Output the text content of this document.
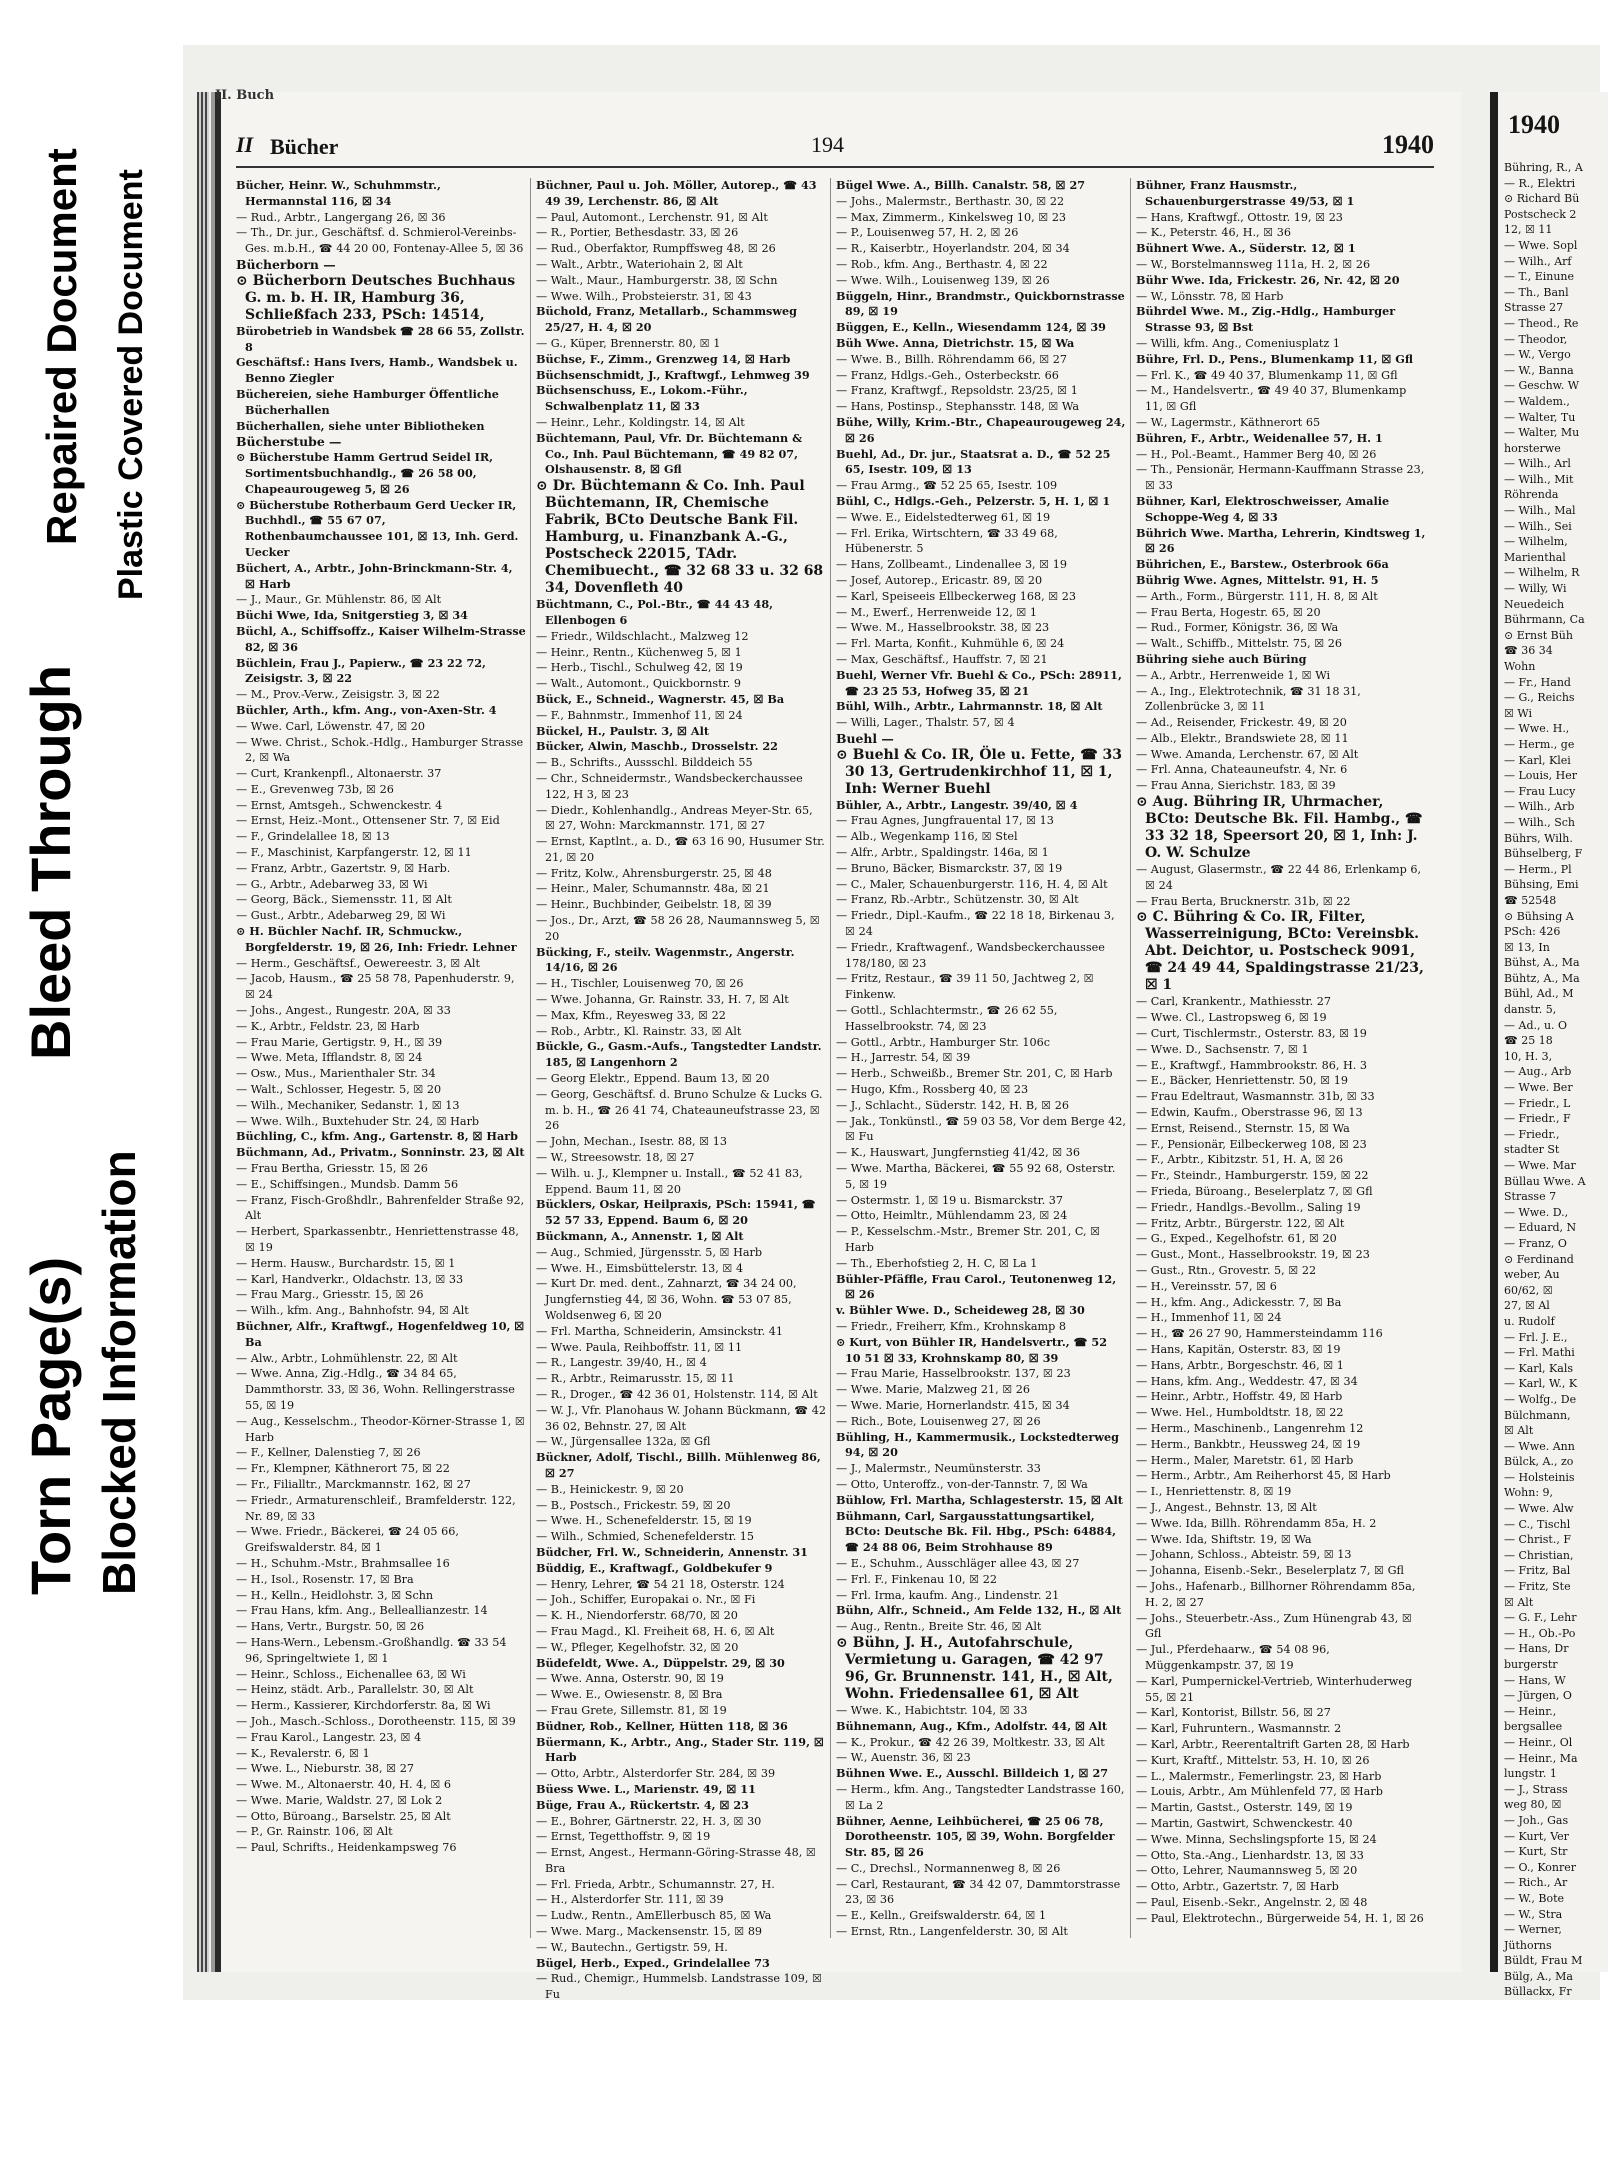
Torn Page(s)
Bleed Through
Repaired Document
Blocked Information
Plastic Covered Document
II. Buch
II Bücher	194	1940
Bücher, Heinr. W., Schuhmmstr., Hermannstal 116, ☒ 34
— Rud., Arbtr., Langergang 26, ☒ 36
— Th., Dr. jur., Geschäftsf. d. Schmierol-Vereinbs-Ges. m.b.H., ☎ 44 20 00, Fontenay-Allee 5, ☒ 36
Bücherborn —
⊙ Bücherborn Deutsches Buchhaus G. m. b. H. IR, Hamburg 36, Schließfach 233, PSch: 14514,
Bürobetrieb in Wandsbek ☎ 28 66 55, Zollstr. 8
Geschäftsf.: Hans Ivers, Hamb., Wandsbek u. Benno Ziegler
Büchereien, siehe Hamburger Öffentliche Bücherhallen
Bücherhallen, siehe unter Bibliotheken
Bücherstube —
⊙ Bücherstube Hamm Gertrud Seidel IR, Sortimentsbuchhandlg., ☎ 26 58 00, Chapeaurougeweg 5, ☒ 26
⊙ Bücherstube Rotherbaum Gerd Uecker IR, Buchhdl., ☎ 55 67 07, Rothenbaumchaussee 101, ☒ 13, Inh. Gerd. Uecker
Büchert, A., Arbtr., John-Brinckmann-Str. 4, ☒ Harb
— J., Maur., Gr. Mühlenstr. 86, ☒ Alt
Büchi Wwe, Ida, Snitgerstieg 3, ☒ 34
Büchl, A., Schiffsoffz., Kaiser Wilhelm-Strasse 82, ☒ 36
Büchlein, Frau J., Papierw., ☎ 23 22 72, Zeisigstr. 3, ☒ 22
— M., Prov.-Verw., Zeisigstr. 3, ☒ 22
Büchler, Arth., kfm. Ang., von-Axen-Str. 4
— Wwe. Carl, Löwenstr. 47, ☒ 20
— Wwe. Christ., Schok.-Hdlg., Hamburger Strasse 2, ☒ Wa
— Curt, Krankenpfl., Altonaerstr. 37
— E., Grevenweg 73b, ☒ 26
— Ernst, Amtsgeh., Schwenckestr. 4
— Ernst, Heiz.-Mont., Ottensener Str. 7, ☒ Eid
— F., Grindelallee 18, ☒ 13
— F., Maschinist, Karpfangerstr. 12, ☒ 11
— Franz, Arbtr., Gazertstr. 9, ☒ Harb.
— G., Arbtr., Adebarweg 33, ☒ Wi
— Georg, Bäck., Siemensstr. 11, ☒ Alt
— Gust., Arbtr., Adebarweg 29, ☒ Wi
⊙ H. Büchler Nachf. IR, Schmuckw., Borgfelderstr. 19, ☒ 26, Inh: Friedr. Lehner
— Herm., Geschäftsf., Oewereestr. 3, ☒ Alt
— Jacob, Hausm., ☎ 25 58 78, Papenhuderstr. 9, ☒ 24
— Johs., Angest., Rungestr. 20A, ☒ 33
— K., Arbtr., Feldstr. 23, ☒ Harb
— Frau Marie, Gertigstr. 9, H., ☒ 39
— Wwe. Meta, Ifflandstr. 8, ☒ 24
— Osw., Mus., Marienthaler Str. 34
— Walt., Schlosser, Hegestr. 5, ☒ 20
— Wilh., Mechaniker, Sedanstr. 1, ☒ 13
— Wwe. Wilh., Buxtehuder Str. 24, ☒ Harb
Büchling, C., kfm. Ang., Gartenstr. 8, ☒ Harb
Büchmann, Ad., Privatm., Sonninstr. 23, ☒ Alt
— Frau Bertha, Griesstr. 15, ☒ 26
— E., Schiffsingen., Mundsb. Damm 56
— Franz, Fisch-Großhdlr., Bahrenfelder Straße 92, Alt
— Herbert, Sparkassenbtr., Henriettenstrasse 48, ☒ 19
— Herm. Hausw., Burchardstr. 15, ☒ 1
— Karl, Handverkr., Oldachstr. 13, ☒ 33
— Frau Marg., Griesstr. 15, ☒ 26
— Wilh., kfm. Ang., Bahnhofstr. 94, ☒ Alt
Büchner, Alfr., Kraftwgf., Hogenfeldweg 10, ☒ Ba
— Alw., Arbtr., Lohmühlenstr. 22, ☒ Alt
— Wwe. Anna, Zig.-Hdlg., ☎ 34 84 65, Dammthorstr. 33, ☒ 36, Wohn. Rellingerstrasse 55, ☒ 19
— Aug., Kesselschm., Theodor-Körner-Strasse 1, ☒ Harb
— F., Kellner, Dalenstieg 7, ☒ 26
— Fr., Klempner, Käthnerort 75, ☒ 22
— Fr., Filialltr., Marckmannstr. 162, ☒ 27
— Friedr., Armaturenschleif., Bramfelderstr. 122, Nr. 89, ☒ 33
— Wwe. Friedr., Bäckerei, ☎ 24 05 66, Greifswalderstr. 84, ☒ 1
— H., Schuhm.-Mstr., Brahmsallee 16
— H., Isol., Rosenstr. 17, ☒ Bra
— H., Kelln., Heidlohstr. 3, ☒ Schn
— Frau Hans, kfm. Ang., Belleallianzestr. 14
— Hans, Vertr., Burgstr. 50, ☒ 26
— Hans-Wern., Lebensm.-Großhandlg. ☎ 33 54 96, Springeltwiete 1, ☒ 1
— Heinr., Schloss., Eichenallee 63, ☒ Wi
— Heinz, städt. Arb., Parallelstr. 30, ☒ Alt
— Herm., Kassierer, Kirchdorferstr. 8a, ☒ Wi
— Joh., Masch.-Schloss., Dorotheenstr. 115, ☒ 39
— Frau Karol., Langestr. 23, ☒ 4
— K., Revalerstr. 6, ☒ 1
— Wwe. L., Nieburstr. 38, ☒ 27
— Wwe. M., Altonaerstr. 40, H. 4, ☒ 6
— Wwe. Marie, Waldstr. 27, ☒ Lok 2
— Otto, Büroang., Barselstr. 25, ☒ Alt
— P., Gr. Rainstr. 106, ☒ Alt
— Paul, Schrifts., Heidenkampsweg 76
Büchner, Paul u. Joh. Möller, Autorep., ☎ 43 49 39, Lerchenstr. 86, ☒ Alt
— Paul, Automont., Lerchenstr. 91, ☒ Alt
— R., Portier, Bethesdastr. 33, ☒ 26
— Rud., Oberfaktor, Rumpffsweg 48, ☒ 26
— Walt., Arbtr., Wateriohain 2, ☒ Alt
— Walt., Maur., Hamburgerstr. 38, ☒ Schn
— Wwe. Wilh., Probsteierstr. 31, ☒ 43
Büchold, Franz, Metallarb., Schammsweg 25/27, H. 4, ☒ 20
— G., Küper, Brennerstr. 80, ☒ 1
Büchse, F., Zimm., Grenzweg 14, ☒ Harb
Büchsenschmidt, J., Kraftwgf., Lehmweg 39
Büchsenschuss, E., Lokom.-Führ., Schwalbenplatz 11, ☒ 33
— Heinr., Lehr., Koldingstr. 14, ☒ Alt
Büchtemann, Paul, Vfr. Dr. Büchtemann & Co., Inh. Paul Büchtemann, ☎ 49 82 07, Olshausenstr. 8, ☒ Gfl
⊙ Dr. Büchtemann & Co. Inh. Paul Büchtemann, IR, Chemische Fabrik, BCto Deutsche Bank Fil. Hamburg, u. Finanzbank A.-G., Postscheck 22015, TAdr. Chemibuecht., ☎ 32 68 33 u. 32 68 34, Dovenfleth 40
Büchtmann, C., Pol.-Btr., ☎ 44 43 48, Ellenbogen 6
— Friedr., Wildschlacht., Malzweg 12
— Heinr., Rentn., Küchenweg 5, ☒ 1
— Herb., Tischl., Schulweg 42, ☒ 19
— Walt., Automont., Quickbornstr. 9
Bück, E., Schneid., Wagnerstr. 45, ☒ Ba
— F., Bahnmstr., Immenhof 11, ☒ 24
Bückel, H., Paulstr. 3, ☒ Alt
Bücker, Alwin, Maschb., Drosselstr. 22
— B., Schrifts., Aussschl. Bilddeich 55
— Chr., Schneidermstr., Wandsbeckerchaussee 122, H 3, ☒ 23
— Diedr., Kohlenhandlg., Andreas Meyer-Str. 65, ☒ 27, Wohn: Marckmannstr. 171, ☒ 27
— Ernst, Kaptlnt., a. D., ☎ 63 16 90, Husumer Str. 21, ☒ 20
— Fritz, Kolw., Ahrensburgerstr. 25, ☒ 48
— Heinr., Maler, Schumannstr. 48a, ☒ 21
— Heinr., Buchbinder, Geibelstr. 18, ☒ 39
— Jos., Dr., Arzt, ☎ 58 26 28, Naumannsweg 5, ☒ 20
Bücking, F., steilv. Wagenmstr., Angerstr. 14/16, ☒ 26
— H., Tischler, Louisenweg 70, ☒ 26
— Wwe. Johanna, Gr. Rainstr. 33, H. 7, ☒ Alt
— Max, Kfm., Reyesweg 33, ☒ 22
— Rob., Arbtr., Kl. Rainstr. 33, ☒ Alt
Bückle, G., Gasm.-Aufs., Tangstedter Landstr. 185, ☒ Langenhorn 2
— Georg Elektr., Eppend. Baum 13, ☒ 20
— Georg, Geschäftsf. d. Bruno Schulze & Lucks G. m. b. H., ☎ 26 41 74, Chateauneufstrasse 23, ☒ 26
— John, Mechan., Isestr. 88, ☒ 13
— W., Streesowstr. 18, ☒ 27
— Wilh. u. J., Klempner u. Install., ☎ 52 41 83, Eppend. Baum 11, ☒ 20
Bücklers, Oskar, Heilpraxis, PSch: 15941, ☎ 52 57 33, Eppend. Baum 6, ☒ 20
Bückmann, A., Annenstr. 1, ☒ Alt
— Aug., Schmied, Jürgensstr. 5, ☒ Harb
— Wwe. H., Eimsbüttelerstr. 13, ☒ 4
— Kurt Dr. med. dent., Zahnarzt, ☎ 34 24 00, Jungfernstieg 44, ☒ 36, Wohn. ☎ 53 07 85, Woldsenweg 6, ☒ 20
— Frl. Martha, Schneiderin, Amsinckstr. 41
— Wwe. Paula, Reihboffstr. 11, ☒ 11
— R., Langestr. 39/40, H., ☒ 4
— R., Arbtr., Reimarusstr. 15, ☒ 11
— R., Droger., ☎ 42 36 01, Holstenstr. 114, ☒ Alt
— W. J., Vfr. Planohaus W. Johann Bückmann, ☎ 42 36 02, Behnstr. 27, ☒ Alt
— W., Jürgensallee 132a, ☒ Gfl
Bückner, Adolf, Tischl., Billh. Mühlenweg 86, ☒ 27
— B., Heinickestr. 9, ☒ 20
— B., Postsch., Frickestr. 59, ☒ 20
— Wwe. H., Schenefelderstr. 15, ☒ 19
— Wilh., Schmied, Schenefelderstr. 15
Büdcher, Frl. W., Schneiderin, Annenstr. 31
Büddig, E., Kraftwagf., Goldbekufer 9
— Henry, Lehrer, ☎ 54 21 18, Osterstr. 124
— Joh., Schiffer, Europakai o. Nr., ☒ Fi
— K. H., Niendorferstr. 68/70, ☒ 20
— Frau Magd., Kl. Freiheit 68, H. 6, ☒ Alt
— W., Pfleger, Kegelhofstr. 32, ☒ 20
Büdefeldt, Wwe. A., Düppelstr. 29, ☒ 30
— Wwe. Anna, Osterstr. 90, ☒ 19
— Wwe. E., Owiesenstr. 8, ☒ Bra
— Frau Grete, Sillemstr. 81, ☒ 19
Büdner, Rob., Kellner, Hütten 118, ☒ 36
Büermann, K., Arbtr., Ang., Stader Str. 119, ☒ Harb
— Otto, Arbtr., Alsterdorfer Str. 284, ☒ 39
Büess Wwe. L., Marienstr. 49, ☒ 11
Büge, Frau A., Rückertstr. 4, ☒ 23
— E., Bohrer, Gärtnerstr. 22, H. 3, ☒ 30
— Ernst, Tegetthoffstr. 9, ☒ 19
— Ernst, Angest., Hermann-Göring-Strasse 48, ☒ Bra
— Frl. Frieda, Arbtr., Schumannstr. 27, H.
— H., Alsterdorfer Str. 111, ☒ 39
— Ludw., Rentn., AmEllerbusch 85, ☒ Wa
— Wwe. Marg., Mackensenstr. 15, ☒ 89
— W., Bautechn., Gertigstr. 59, H.
Bügel, Herb., Exped., Grindelallee 73
— Rud., Chemigr., Hummelsb. Landstrasse 109, ☒ Fu
Bügel Wwe. A., Billh. Canalstr. 58, ☒ 27
— Johs., Malermstr., Berthastr. 30, ☒ 22
— Max, Zimmerm., Kinkelsweg 10, ☒ 23
— P., Louisenweg 57, H. 2, ☒ 26
— R., Kaiserbtr., Hoyerlandstr. 204, ☒ 34
— Rob., kfm. Ang., Berthastr. 4, ☒ 22
— Wwe. Wilh., Louisenweg 139, ☒ 26
Büggeln, Hinr., Brandmstr., Quickbornstrasse 89, ☒ 19
Büggen, E., Kelln., Wiesendamm 124, ☒ 39
Büh Wwe. Anna, Dietrichstr. 15, ☒ Wa
— Wwe. B., Billh. Röhrendamm 66, ☒ 27
— Franz, Hdlgs.-Geh., Osterbeckstr. 66
— Franz, Kraftwgf., Repsoldstr. 23/25, ☒ 1
— Hans, Postinsp., Stephansstr. 148, ☒ Wa
Bühe, Willy, Krim.-Btr., Chapeaurougeweg 24, ☒ 26
Buehl, Ad., Dr. jur., Staatsrat a. D., ☎ 52 25 65, Isestr. 109, ☒ 13
— Frau Armg., ☎ 52 25 65, Isestr. 109
Bühl, C., Hdlgs.-Geh., Pelzerstr. 5, H. 1, ☒ 1
— Wwe. E., Eidelstedterweg 61, ☒ 19
— Frl. Erika, Wirtschtern, ☎ 33 49 68, Hübenerstr. 5
— Hans, Zollbeamt., Lindenallee 3, ☒ 19
— Josef, Autorep., Ericastr. 89, ☒ 20
— Karl, Speiseeis Ellbeckerweg 168, ☒ 23
— M., Ewerf., Herrenweide 12, ☒ 1
— Wwe. M., Hasselbrookstr. 38, ☒ 23
— Frl. Marta, Konfit., Kuhmühle 6, ☒ 24
— Max, Geschäftsf., Hauffstr. 7, ☒ 21
Buehl, Werner Vfr. Buehl & Co., PSch: 28911, ☎ 23 25 53, Hofweg 35, ☒ 21
Bühl, Wilh., Arbtr., Lahrmannstr. 18, ☒ Alt
— Willi, Lager., Thalstr. 57, ☒ 4
Buehl —
⊙ Buehl & Co. IR, Öle u. Fette, ☎ 33 30 13, Gertrudenkirchhof 11, ☒ 1, Inh: Werner Buehl
Bühler, A., Arbtr., Langestr. 39/40, ☒ 4
— Frau Agnes, Jungfrauental 17, ☒ 13
— Alb., Wegenkamp 116, ☒ Stel
— Alfr., Arbtr., Spaldingstr. 146a, ☒ 1
— Bruno, Bäcker, Bismarckstr. 37, ☒ 19
— C., Maler, Schauenburgerstr. 116, H. 4, ☒ Alt
— Franz, Rb.-Arbtr., Schützenstr. 30, ☒ Alt
— Friedr., Dipl.-Kaufm., ☎ 22 18 18, Birkenau 3, ☒ 24
— Friedr., Kraftwagenf., Wandsbeckerchaussee 178/180, ☒ 23
— Fritz, Restaur., ☎ 39 11 50, Jachtweg 2, ☒ Finkenw.
— Gottl., Schlachtermstr., ☎ 26 62 55, Hasselbrookstr. 74, ☒ 23
— Gottl., Arbtr., Hamburger Str. 106c
— H., Jarrestr. 54, ☒ 39
— Herb., Schweißb., Bremer Str. 201, C, ☒ Harb
— Hugo, Kfm., Rossberg 40, ☒ 23
— J., Schlacht., Süderstr. 142, H. B, ☒ 26
— Jak., Tonkünstl., ☎ 59 03 58, Vor dem Berge 42, ☒ Fu
— K., Hauswart, Jungfernstieg 41/42, ☒ 36
— Wwe. Martha, Bäckerei, ☎ 55 92 68, Osterstr. 5, ☒ 19
— Ostermstr. 1, ☒ 19 u. Bismarckstr. 37
— Otto, Heimltr., Mühlendamm 23, ☒ 24
— P., Kesselschm.-Mstr., Bremer Str. 201, C, ☒ Harb
— Th., Eberhofstieg 2, H. C, ☒ La 1
Bühler-Pfäffle, Frau Carol., Teutonenweg 12, ☒ 26
v. Bühler Wwe. D., Scheideweg 28, ☒ 30
— Friedr., Freiherr, Kfm., Krohnskamp 8
⊙ Kurt, von Bühler IR, Handelsvertr., ☎ 52 10 51 ☒ 33, Krohnskamp 80, ☒ 39
— Frau Marie, Hasselbrookstr. 137, ☒ 23
— Wwe. Marie, Malzweg 21, ☒ 26
— Wwe. Marie, Hornerlandstr. 415, ☒ 34
— Rich., Bote, Louisenweg 27, ☒ 26
Bühling, H., Kammermusik., Lockstedterweg 94, ☒ 20
— J., Malermstr., Neumünsterstr. 33
— Otto, Unteroffz., von-der-Tannstr. 7, ☒ Wa
Bühlow, Frl. Martha, Schlagesterstr. 15, ☒ Alt
Bühmann, Carl, Sargausstattungsartikel, BCto: Deutsche Bk. Fil. Hbg., PSch: 64884, ☎ 24 88 06, Beim Strohhause 89
— E., Schuhm., Ausschläger allee 43, ☒ 27
— Frl. F., Finkenau 10, ☒ 22
— Frl. Irma, kaufm. Ang., Lindenstr. 21
Bühn, Alfr., Schneid., Am Felde 132, H., ☒ Alt
— Aug., Rentn., Breite Str. 46, ☒ Alt
⊙ Bühn, J. H., Autofahrschule, Vermietung u. Garagen, ☎ 42 97 96, Gr. Brunnenstr. 141, H., ☒ Alt, Wohn. Friedensallee 61, ☒ Alt
— Wwe. K., Habichtstr. 104, ☒ 33
Bühnemann, Aug., Kfm., Adolfstr. 44, ☒ Alt
— K., Prokur., ☎ 42 26 39, Moltkestr. 33, ☒ Alt
— W., Auenstr. 36, ☒ 23
Bühnen Wwe. E., Ausschl. Billdeich 1, ☒ 27
— Herm., kfm. Ang., Tangstedter Landstrasse 160, ☒ La 2
Bühner, Aenne, Leihbücherei, ☎ 25 06 78, Dorotheenstr. 105, ☒ 39, Wohn. Borgfelder Str. 85, ☒ 26
— C., Drechsl., Normannenweg 8, ☒ 26
— Carl, Restaurant, ☎ 34 42 07, Dammtorstrasse 23, ☒ 36
— E., Kelln., Greifswalderstr. 64, ☒ 1
— Ernst, Rtn., Langenfelderstr. 30, ☒ Alt
Bühner, Franz Hausmstr., Schauenburgerstrasse 49/53, ☒ 1
— Hans, Kraftwgf., Ottostr. 19, ☒ 23
— K., Peterstr. 46, H., ☒ 36
Bühnert Wwe. A., Süderstr. 12, ☒ 1
— W., Borstelmannsweg 111a, H. 2, ☒ 26
Bühr Wwe. Ida, Frickestr. 26, Nr. 42, ☒ 20
— W., Lönsstr. 78, ☒ Harb
Bührdel Wwe. M., Zig.-Hdlg., Hamburger Strasse 93, ☒ Bst
— Willi, kfm. Ang., Comeniusplatz 1
Bühre, Frl. D., Pens., Blumenkamp 11, ☒ Gfl
— Frl. K., ☎ 49 40 37, Blumenkamp 11, ☒ Gfl
— M., Handelsvertr., ☎ 49 40 37, Blumenkamp 11, ☒ Gfl
— W., Lagermstr., Käthnerort 65
Bühren, F., Arbtr., Weidenallee 57, H. 1
— H., Pol.-Beamt., Hammer Berg 40, ☒ 26
— Th., Pensionär, Hermann-Kauffmann Strasse 23, ☒ 33
Bühner, Karl, Elektroschweisser, Amalie Schoppe-Weg 4, ☒ 33
Bührich Wwe. Martha, Lehrerin, Kindtsweg 1, ☒ 26
Bührichen, E., Barstew., Osterbrook 66a
Bührig Wwe. Agnes, Mittelstr. 91, H. 5
— Arth., Form., Bürgerstr. 111, H. 8, ☒ Alt
— Frau Berta, Hogestr. 65, ☒ 20
— Rud., Former, Königstr. 36, ☒ Wa
— Walt., Schiffb., Mittelstr. 75, ☒ 26
Bühring siehe auch Büring
— A., Arbtr., Herrenweide 1, ☒ Wi
— A., Ing., Elektrotechnik, ☎ 31 18 31, Zollenbrücke 3, ☒ 11
— Ad., Reisender, Frickestr. 49, ☒ 20
— Alb., Elektr., Brandswiete 28, ☒ 11
— Wwe. Amanda, Lerchenstr. 67, ☒ Alt
— Frl. Anna, Chateauneufstr. 4, Nr. 6
— Frau Anna, Sierichstr. 183, ☒ 39
⊙ Aug. Bühring IR, Uhrmacher, BCto: Deutsche Bk. Fil. Hambg., ☎ 33 32 18, Speersort 20, ☒ 1, Inh: J. O. W. Schulze
— August, Glasermstr., ☎ 22 44 86, Erlenkamp 6, ☒ 24
— Frau Berta, Brucknerstr. 31b, ☒ 22
⊙ C. Bühring & Co. IR, Filter, Wasserreinigung, BCto: Vereinsbk. Abt. Deichtor, u. Postscheck 9091, ☎ 24 49 44, Spaldingstrasse 21/23, ☒ 1
— Carl, Krankentr., Mathiesstr. 27
— Wwe. Cl., Lastropsweg 6, ☒ 19
— Curt, Tischlermstr., Osterstr. 83, ☒ 19
— Wwe. D., Sachsenstr. 7, ☒ 1
— E., Kraftwgf., Hammbrookstr. 86, H. 3
— E., Bäcker, Henriettenstr. 50, ☒ 19
— Frau Edeltraut, Wasmannstr. 31b, ☒ 33
— Edwin, Kaufm., Oberstrasse 96, ☒ 13
— Ernst, Reisend., Sternstr. 15, ☒ Wa
— F., Pensionär, Eilbeckerweg 108, ☒ 23
— F., Arbtr., Kibitzstr. 51, H. A, ☒ 26
— Fr., Steindr., Hamburgerstr. 159, ☒ 22
— Frieda, Büroang., Beselerplatz 7, ☒ Gfl
— Friedr., Handlgs.-Bevollm., Saling 19
— Fritz, Arbtr., Bürgerstr. 122, ☒ Alt
— G., Exped., Kegelhofstr. 61, ☒ 20
— Gust., Mont., Hasselbrookstr. 19, ☒ 23
— Gust., Rtn., Grovestr. 5, ☒ 22
— H., Vereinsstr. 57, ☒ 6
— H., kfm. Ang., Adickesstr. 7, ☒ Ba
— H., Immenhof 11, ☒ 24
— H., ☎ 26 27 90, Hammersteindamm 116
— Hans, Kapitän, Osterstr. 83, ☒ 19
— Hans, Arbtr., Borgeschstr. 46, ☒ 1
— Hans, kfm. Ang., Weddestr. 47, ☒ 34
— Heinr., Arbtr., Hoffstr. 49, ☒ Harb
— Wwe. Hel., Humboldtstr. 18, ☒ 22
— Herm., Maschinenb., Langenrehm 12
— Herm., Bankbtr., Heussweg 24, ☒ 19
— Herm., Maler, Maretstr. 61, ☒ Harb
— Herm., Arbtr., Am Reiherhorst 45, ☒ Harb
— I., Henriettenstr. 8, ☒ 19
— J., Angest., Behnstr. 13, ☒ Alt
— Wwe. Ida, Billh. Röhrendamm 85a, H. 2
— Wwe. Ida, Shiftstr. 19, ☒ Wa
— Johann, Schloss., Abteistr. 59, ☒ 13
— Johanna, Eisenb.-Sekr., Beselerplatz 7, ☒ Gfl
— Johs., Hafenarb., Billhorner Röhrendamm 85a, H. 2, ☒ 27
— Johs., Steuerbetr.-Ass., Zum Hünengrab 43, ☒ Gfl
— Jul., Pferdehaarw., ☎ 54 08 96, Müggenkampstr. 37, ☒ 19
— Karl, Pumpernickel-Vertrieb, Winterhuderweg 55, ☒ 21
— Karl, Kontorist, Billstr. 56, ☒ 27
— Karl, Fuhruntern., Wasmannstr. 2
— Karl, Arbtr., Reerentaltrift Garten 28, ☒ Harb
— Kurt, Kraftf., Mittelstr. 53, H. 10, ☒ 26
— L., Malermstr., Femerlingstr. 23, ☒ Harb
— Louis, Arbtr., Am Mühlenfeld 77, ☒ Harb
— Martin, Gastst., Osterstr. 149, ☒ 19
— Martin, Gastwirt, Schwenckestr. 40
— Wwe. Minna, Sechslingspforte 15, ☒ 24
— Otto, Sta.-Ang., Lienhardstr. 13, ☒ 33
— Otto, Lehrer, Naumannsweg 5, ☒ 20
— Otto, Arbtr., Gazertstr. 7, ☒ Harb
— Paul, Eisenb.-Sekr., Angelnstr. 2, ☒ 48
— Paul, Elektrotechn., Bürgerweide 54, H. 1, ☒ 26
1940
Bühring, R., A
— R., Elektri
⊙ Richard Bü
Postscheck 2
12, ☒ 11
— Wwe. Sopl
— Wilh., Arf
— T., Einune
— Th., Banl
Strasse 27
— Theod., Re
— Theodor,
— W., Vergo
— W., Banna
— Geschw. W
— Waldem.,
— Walter, Tu
— Walter, Mu
horsterwe
— Wilh., Arl
— Wilh., Mit
Röhrenda
— Wilh., Mal
— Wilh., Sei
— Wilhelm,
Marienthal
— Wilhelm, R
— Willy, Wi
Neuedeich
Bührmann, Ca
⊙ Ernst Büh
☎ 36 34
Wohn
— Fr., Hand
— G., Reichs
☒ Wi
— Wwe. H.,
— Herm., ge
— Karl, Klei
— Louis, Her
— Frau Lucy
— Wilh., Arb
— Wilh., Sch
Bührs, Wilh.
Bühselberg, F
— Herm., Pl
Bühsing, Emi
☎ 52548
⊙ Bühsing A
PSch: 426
☒ 13, In
Bühst, A., Ma
Bühtz, A., Ma
Bühl, Ad., M
danstr. 5,
— Ad., u. O
☎ 25 18
10, H. 3,
— Aug., Arb
— Wwe. Ber
— Friedr., L
— Friedr., F
— Friedr.,
stadter St
— Wwe. Mar
Büllau Wwe. A
Strasse 7
— Wwe. D.,
— Eduard, N
— Franz, O
⊙ Ferdinand
weber, Au
60/62, ☒
27, ☒ Al
u. Rudolf
— Frl. J. E.,
— Frl. Mathi
— Karl, Kals
— Karl, W., K
— Wolfg., De
Bülchmann,
☒ Alt
— Wwe. Ann
Bülck, A., zo
— Holsteinis
Wohn: 9,
— Wwe. Alw
— C., Tischl
— Christ., F
— Christian,
— Fritz, Bal
— Fritz, Ste
☒ Alt
— G. F., Lehr
— H., Ob.-Po
— Hans, Dr
burgerstr
— Hans, W
— Jürgen, O
— Heinr.,
bergsallee
— Heinr., Ol
— Heinr., Ma
lungstr. 1
— J., Strass
weg 80, ☒
— Joh., Gas
— Kurt, Ver
— Kurt, Str
— O., Konrer
— Rich., Ar
— W., Bote
— W., Stra
— Werner,
Jüthorns
Büldt, Frau M
Bülg, A., Ma
Büllackx, Fr
